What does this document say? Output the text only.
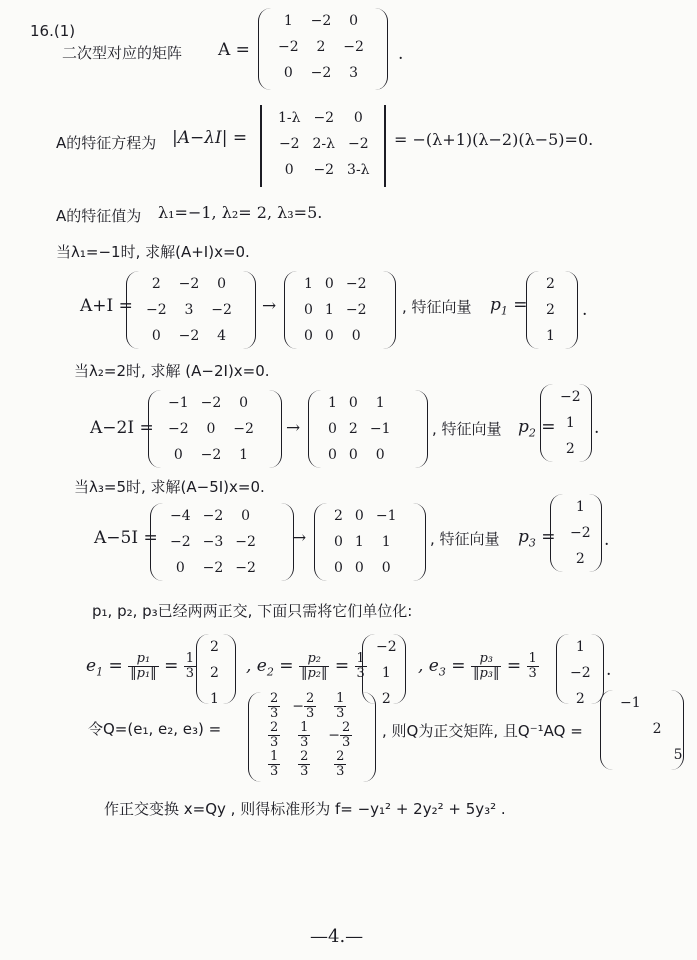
16.(1)
二次型对应的矩阵 A =
1	−2	0
−2	2	−2
0	−2	3
.
A的特征方程为 |A−λI| =
1-λ	−2	0
−2	2-λ	−2
0	−2	3-λ
= −(λ+1)(λ−2)(λ−5)=0.
A的特征值为 λ₁=−1, λ₂= 2, λ₃=5.
当λ₁=−1时, 求解(A+I)x=0.
A+I =
2	−2	0
−2	3	−2
0	−2	4
→
1	0	−2
0	1	−2
0	0	0
, 特征向量 $p_1$ =
2
2
1
.
当λ₂=2时, 求解 (A−2I)x=0.
A−2I =
−1	−2	0
−2	0	−2
0	−2	1
→
1	0	1
0	2	−1
0	0	0
, 特征向量 $p_2$ =
−2
1
2
.
当λ₃=5时, 求解(A−5I)x=0.
A−5I =
−4	−2	0
−2	−3	−2
0	−2	−2
→
2	0	−1
0	1	1
0	0	0
, 特征向量 $p_3$ =
1
−2
2
.
p₁, p₂, p₃已经两两正交, 下面只需将它们单位化:
$e_1 = \frac{\text{p₁}}{\text{‖p₁‖}} = \frac{1}{3}$
2
2
1
, $e_2 = \frac{\text{p₂}}{\text{‖p₂‖}} = \frac{1}{3}$
−2
1
2
, $e_3 = \frac{\text{p₃}}{\text{‖p₃‖}} = \frac{1}{3}$
1
−2
2
.
令Q=(e₁, e₂, e₃) =
$\frac{2}{3}$	− $\frac{2}{3}$	$\frac{1}{3}$

$\frac{2}{3}$	$\frac{1}{3}$	− $\frac{2}{3}$

$\frac{1}{3}$	$\frac{2}{3}$	$\frac{2}{3}$
, 则Q为正交矩阵, 且Q⁻¹AQ =
−1		
	2	
		5
作正交变换 x=Qy , 则得标准形为 f= −y₁² + 2y₂² + 5y₃² .
—4.—
